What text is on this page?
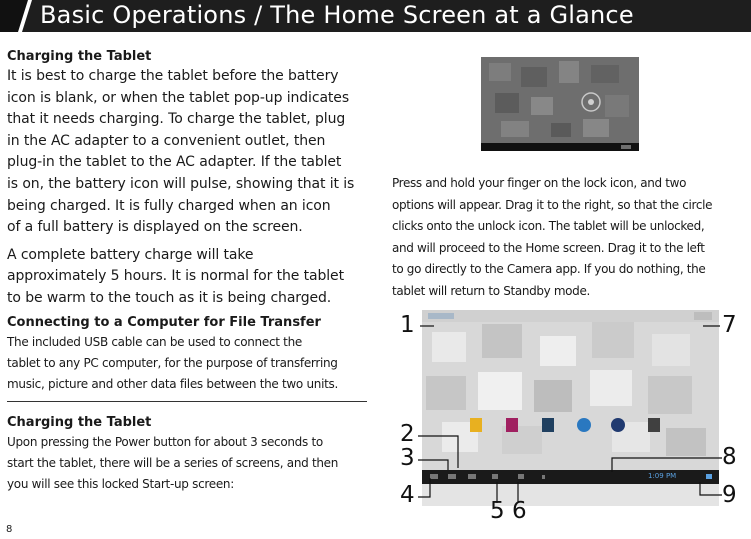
Basic Operations / The Home Screen at a Glance
Charging the Tablet
It is best to charge the tablet before the battery
icon is blank, or when the tablet pop-up indicates
that it needs charging. To charge the tablet, plug
in the AC adapter to a convenient outlet, then
plug-in the tablet to the AC adapter. If the tablet
is on, the battery icon will pulse, showing that it is
being charged. It is fully charged when an icon
of a full battery is displayed on the screen.
A complete battery charge will take
approximately 5 hours. It is normal for the tablet
to be warm to the touch as it is being charged.
Connecting to a Computer for File Transfer
The included USB cable can be used to connect the
tablet to any PC computer, for the purpose of transferring
music, picture and other data files between the two units.
Charging the Tablet
Upon pressing the Power button for about 3 seconds to
start the tablet, there will be a series of screens, and then
you will see this locked Start-up screen:
Press and hold your finger on the lock icon, and two
options will appear. Drag it to the right, so that the circle
clicks onto the unlock icon. The tablet will be unlocked,
and will proceed to the Home screen. Drag it to the left
to go directly to the Camera app. If you do nothing, the
tablet will return to Standby mode.
1:09 PM
1
2
3
4
5 6
7
8
9
8
